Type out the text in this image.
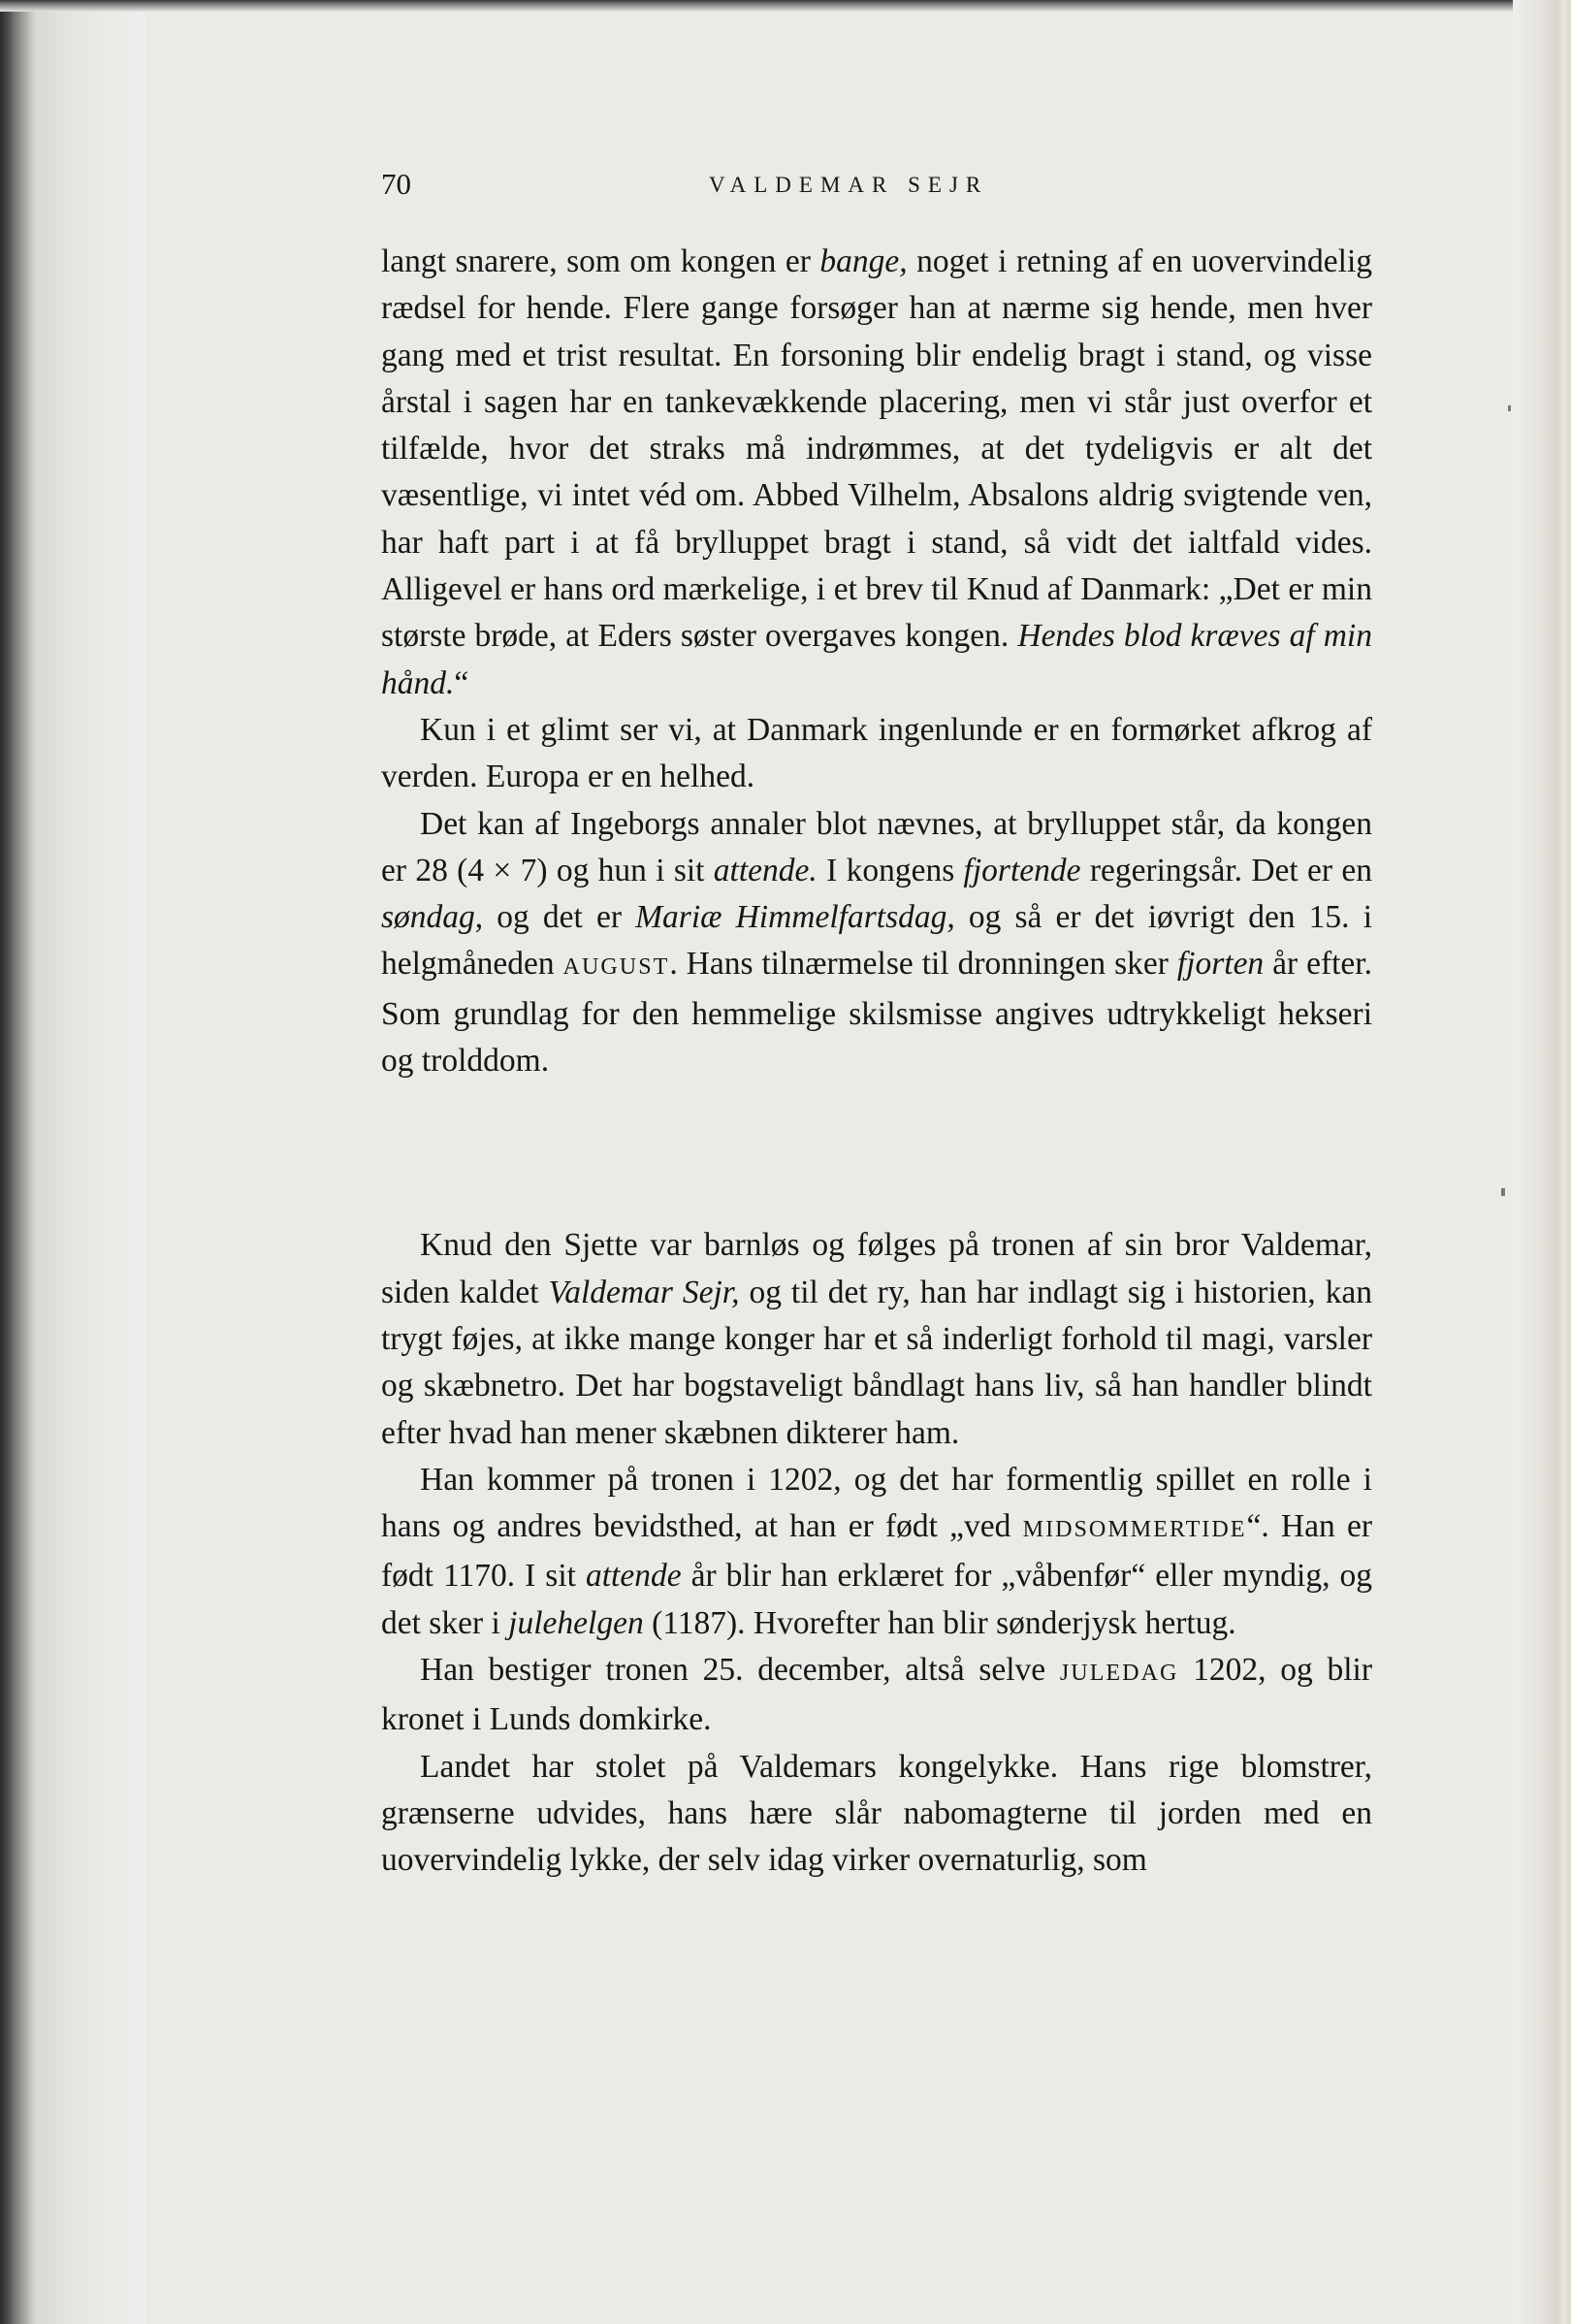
70	VALDEMAR SEJR

langt snarere, som om kongen er bange, noget i retning af en uovervindelig rædsel for hende. Flere gange forsøger han at nærme sig hende, men hver gang med et trist resultat. En forsoning blir endelig bragt i stand, og visse årstal i sagen har en tankevækkende placering, men vi står just overfor et tilfælde, hvor det straks må indrømmes, at det tydeligvis er alt det væsentlige, vi intet véd om. Abbed Vilhelm, Absalons aldrig svigtende ven, har haft part i at få brylluppet bragt i stand, så vidt det ialtfald vides. Alligevel er hans ord mærkelige, i et brev til Knud af Danmark: „Det er min største brøde, at Eders søster overgaves kongen. Hendes blod kræves af min hånd.“

Kun i et glimt ser vi, at Danmark ingenlunde er en formørket afkrog af verden. Europa er en helhed.

Det kan af Ingeborgs annaler blot nævnes, at brylluppet står, da kongen er 28 (4 × 7) og hun i sit attende. I kongens fjortende regeringsår. Det er en søndag, og det er Mariæ Himmelfartsdag, og så er det iøvrigt den 15. i helgmåneden AUGUST. Hans tilnærmelse til dronningen sker fjorten år efter. Som grundlag for den hemmelige skilsmisse angives udtrykkeligt hekseri og trolddom.

Knud den Sjette var barnløs og følges på tronen af sin bror Valdemar, siden kaldet Valdemar Sejr, og til det ry, han har indlagt sig i historien, kan trygt føjes, at ikke mange konger har et så inderligt forhold til magi, varsler og skæbnetro. Det har bogstaveligt båndlagt hans liv, så han handler blindt efter hvad han mener skæbnen dikterer ham.

Han kommer på tronen i 1202, og det har formentlig spillet en rolle i hans og andres bevidsthed, at han er født „ved MIDSOMMERTIDE“. Han er født 1170. I sit attende år blir han erklæret for „våbenfør“ eller myndig, og det sker i julehelgen (1187). Hvorefter han blir sønderjysk hertug.

Han bestiger tronen 25. december, altså selve JULEDAG 1202, og blir kronet i Lunds domkirke.

Landet har stolet på Valdemars kongelykke. Hans rige blomstrer, grænserne udvides, hans hære slår nabomagterne til jorden med en uovervindelig lykke, der selv idag virker overnaturlig, som
